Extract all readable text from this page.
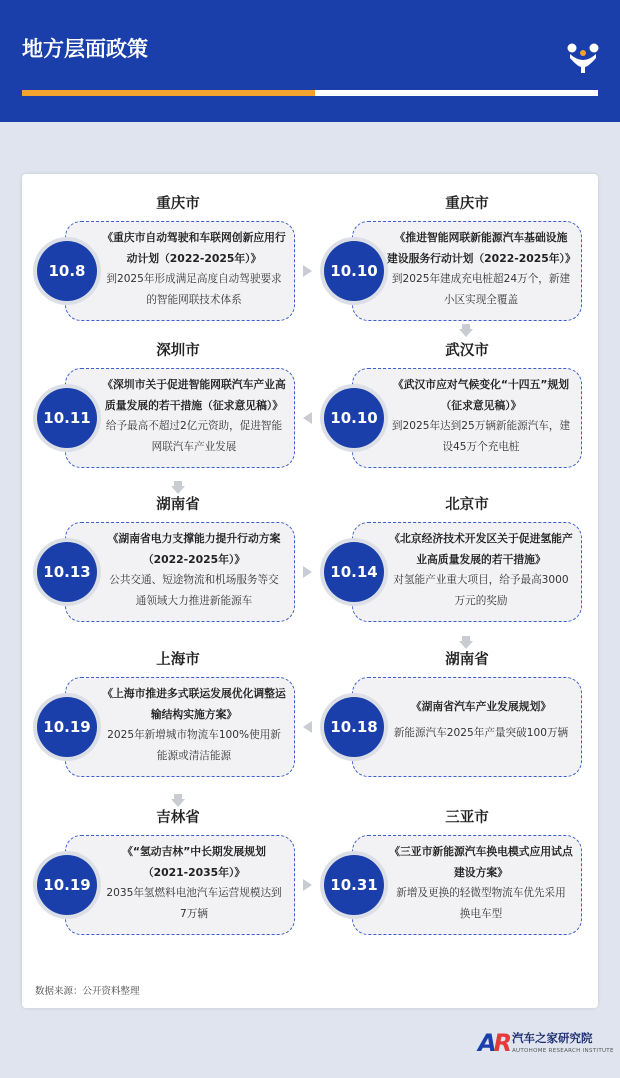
地方层面政策
重庆市
《重庆市自动驾驶和车联网创新应用行
动计划（2022-2025年）》
到2025年形成满足高度自动驾驶要求
的智能网联技术体系
10.8
重庆市
《推进智能网联新能源汽车基础设施
建设服务行动计划（2022-2025年）》
到2025年建成充电桩超24万个，新建
小区实现全覆盖
10.10
深圳市
《深圳市关于促进智能网联汽车产业高
质量发展的若干措施（征求意见稿）》
给予最高不超过2亿元资助，促进智能
网联汽车产业发展
10.11
武汉市
《武汉市应对气候变化“十四五”规划
（征求意见稿）》
到2025年达到25万辆新能源汽车，建
设45万个充电桩
10.10
湖南省
《湖南省电力支撑能力提升行动方案
（2022-2025年）》
公共交通、短途物流和机场服务等交
通领域大力推进新能源车
10.13
北京市
《北京经济技术开发区关于促进氢能产
业高质量发展的若干措施》
对氢能产业重大项目，给予最高3000
万元的奖励
10.14
上海市
《上海市推进多式联运发展优化调整运
输结构实施方案》
2025年新增城市物流车100%使用新
能源或清洁能源
10.19
湖南省
《湖南省汽车产业发展规划》
新能源汽车2025年产量突破100万辆
10.18
吉林省
《“氢动吉林”中长期发展规划
（2021-2035年）》
2035年氢燃料电池汽车运营规模达到
7万辆
10.19
三亚市
《三亚市新能源汽车换电模式应用试点
建设方案》
新增及更换的轻微型物流车优先采用
换电车型
10.31
数据来源：公开资料整理
AR 汽车之家研究院
AUTOHOME RESEARCH INSTITUTE
